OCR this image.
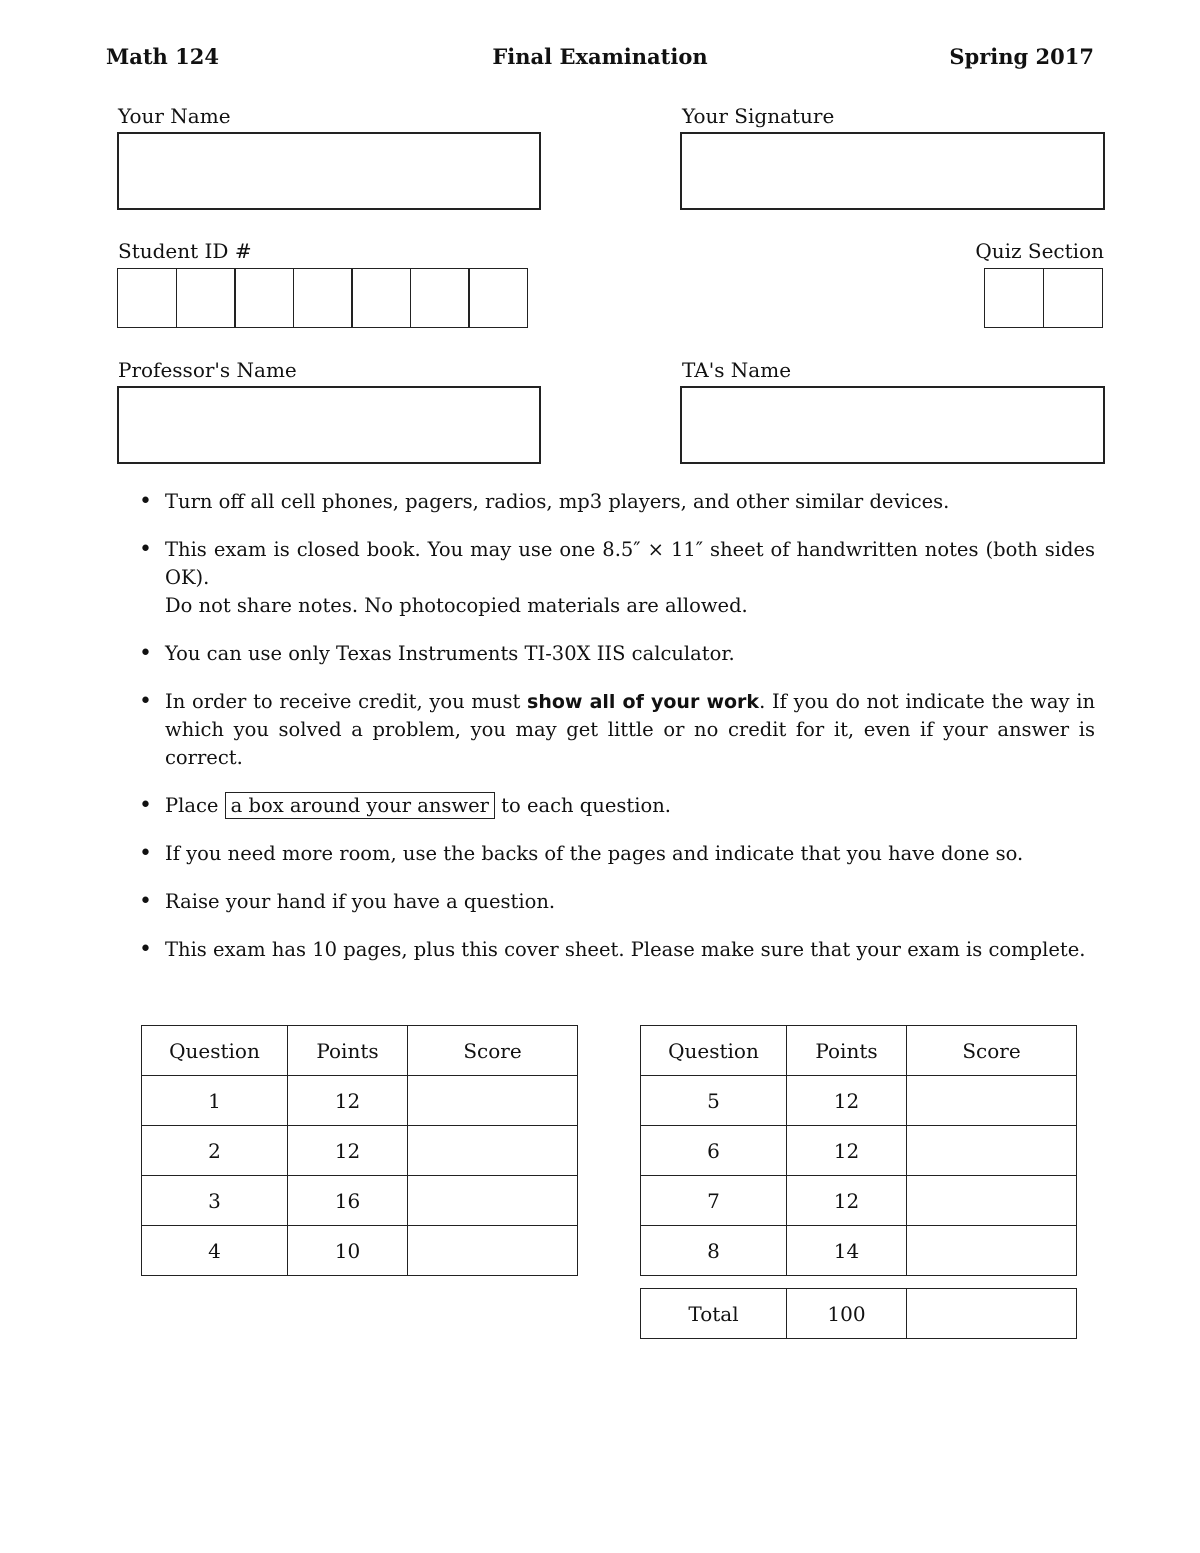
Math 124	Final Examination	Spring 2017
Your Name	Your Signature
Student ID #	Quiz Section
Professor's Name	TA's Name
• Turn off all cell phones, pagers, radios, mp3 players, and other similar devices.
• This exam is closed book. You may use one 8.5″ × 11″ sheet of handwritten notes (both sides OK).
Do not share notes. No photocopied materials are allowed.
• You can use only Texas Instruments TI-30X IIS calculator.
• In order to receive credit, you must show all of your work. If you do not indicate the way in which you solved a problem, you may get little or no credit for it, even if your answer is correct.
• Place a box around your answer to each question.
• If you need more room, use the backs of the pages and indicate that you have done so.
• Raise your hand if you have a question.
• This exam has 10 pages, plus this cover sheet. Please make sure that your exam is complete.
Question	Points	Score
1	12	
2	12	
3	16	
4	10	
Question	Points	Score
5	12	
6	12	
7	12	
8	14	
Total	100	
